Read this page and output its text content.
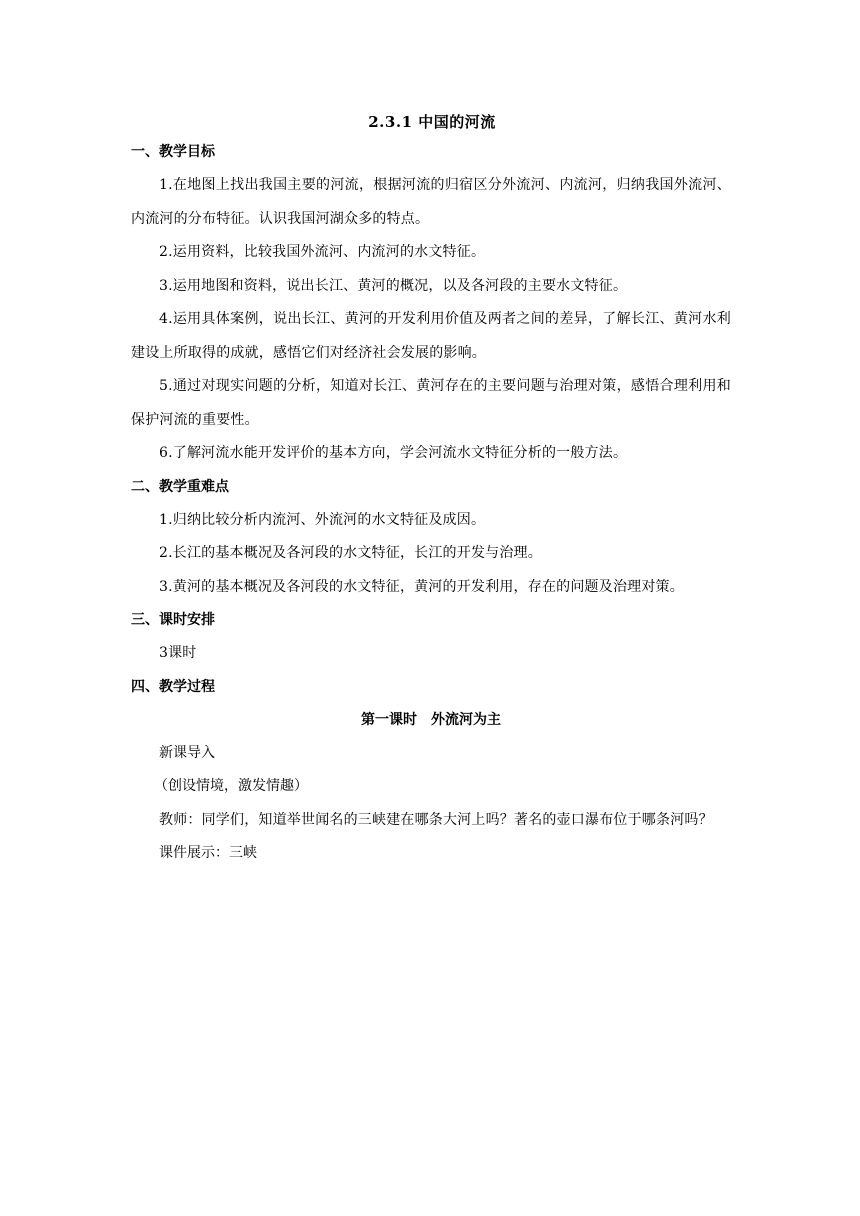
2.3.1 中国的河流
一、教学目标

1.在地图上找出我国主要的河流，根据河流的归宿区分外流河、内流河，归纳我国外流河、内流河的分布特征。认识我国河湖众多的特点。

2.运用资料，比较我国外流河、内流河的水文特征。

3.运用地图和资料，说出长江、黄河的概况，以及各河段的主要水文特征。

4.运用具体案例，说出长江、黄河的开发利用价值及两者之间的差异，了解长江、黄河水利建设上所取得的成就，感悟它们对经济社会发展的影响。

5.通过对现实问题的分析，知道对长江、黄河存在的主要问题与治理对策，感悟合理利用和保护河流的重要性。

6.了解河流水能开发评价的基本方向，学会河流水文特征分析的一般方法。

二、教学重难点

1.归纳比较分析内流河、外流河的水文特征及成因。

2.长江的基本概况及各河段的水文特征，长江的开发与治理。

3.黄河的基本概况及各河段的水文特征，黄河的开发利用，存在的问题及治理对策。

三、课时安排

3课时

四、教学过程
第一课时　外流河为主

新课导入

（创设情境，激发情趣）

教师：同学们，知道举世闻名的三峡建在哪条大河上吗？著名的壶口瀑布位于哪条河吗？

课件展示：三峡
